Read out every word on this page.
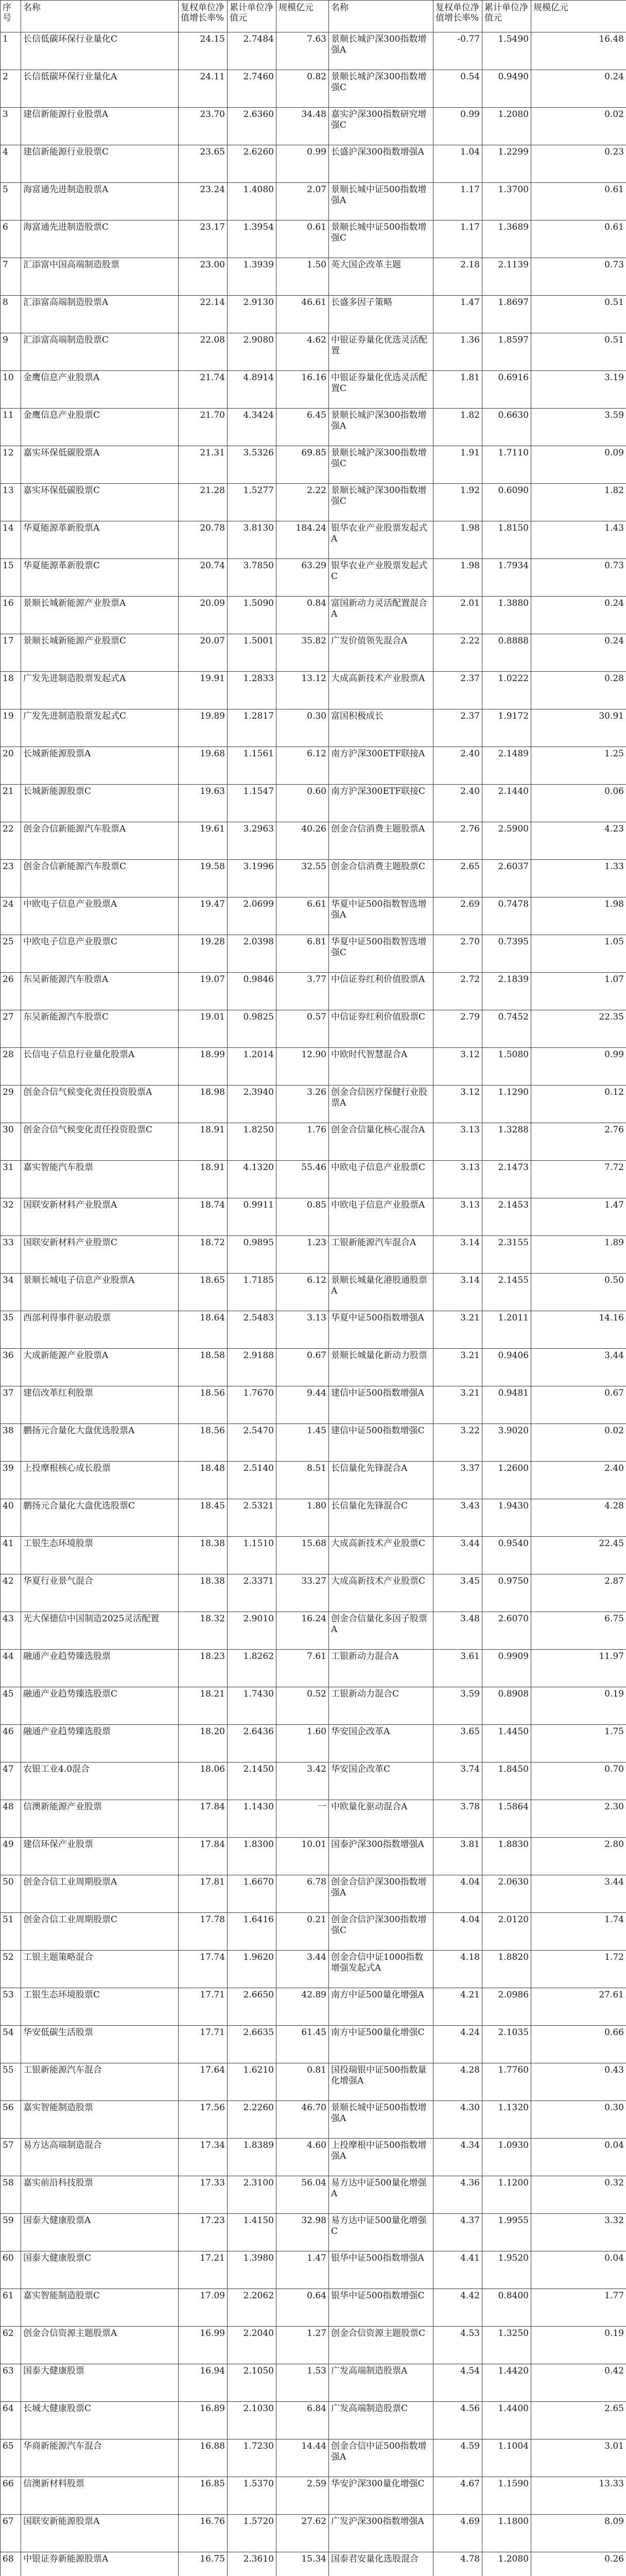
序号	名称	复权单位净值增长率%	累计单位净值元	规模亿元	名称	复权单位净值增长率%	累计单位净值元	规模亿元
1	长信低碳环保行业量化C	24.15	2.7484	7.63	景顺长城沪深300指数增强A	-0.77	1.5490	16.48
2	长信低碳环保行业量化A	24.11	2.7460	0.82	景顺长城沪深300指数增强C	0.54	0.9490	0.24
3	建信新能源行业股票A	23.70	2.6360	34.48	嘉实沪深300指数研究增强C	0.99	1.2080	0.02
4	建信新能源行业股票C	23.65	2.6260	0.99	长盛沪深300指数增强A	1.04	1.2299	0.23
5	海富通先进制造股票A	23.24	1.4080	2.07	景顺长城中证500指数增强A	1.17	1.3700	0.61
6	海富通先进制造股票C	23.17	1.3954	0.61	景顺长城中证500指数增强C	1.17	1.3689	0.61
7	汇添富中国高端制造股票	23.00	1.3939	1.50	英大国企改革主题	2.18	2.1139	0.73
8	汇添富高端制造股票A	22.14	2.9130	46.61	长盛多因子策略	1.47	1.8697	0.51
9	汇添富高端制造股票C	22.08	2.9080	4.62	中银证券量化优选灵活配置	1.36	1.8597	0.51
10	金鹰信息产业股票A	21.74	4.8914	16.16	中银证券量化优选灵活配置C	1.81	0.6916	3.19
11	金鹰信息产业股票C	21.70	4.3424	6.45	景顺长城沪深300指数增强A	1.82	0.6630	3.59
12	嘉实环保低碳股票A	21.31	3.5326	69.85	景顺长城沪深300指数增强C	1.91	1.7110	0.09
13	嘉实环保低碳股票C	21.28	1.5277	2.22	景顺长城沪深300指数增强C	1.92	0.6090	1.82
14	华夏能源革新股票A	20.78	3.8130	184.24	银华农业产业股票发起式A	1.98	1.8150	1.43
15	华夏能源革新股票C	20.74	3.7850	63.29	银华农业产业股票发起式C	1.98	1.7934	0.73
16	景顺长城新能源产业股票A	20.09	1.5090	0.84	富国新动力灵活配置混合A	2.01	1.3880	0.24
17	景顺长城新能源产业股票C	20.07	1.5001	35.82	广发价值领先混合A	2.22	0.8888	0.24
18	广发先进制造股票发起式A	19.91	1.2833	13.12	大成高新技术产业股票A	2.37	1.0222	0.28
19	广发先进制造股票发起式C	19.89	1.2817	0.30	富国积极成长	2.37	1.9172	30.91
20	长城新能源股票A	19.68	1.1561	6.12	南方沪深300ETF联接A	2.40	2.1489	1.25
21	长城新能源股票C	19.63	1.1547	0.60	南方沪深300ETF联接C	2.40	2.1440	0.06
22	创金合信新能源汽车股票A	19.61	3.2963	40.26	创金合信消费主题股票A	2.76	2.5900	4.23
23	创金合信新能源汽车股票C	19.58	3.1996	32.55	创金合信消费主题股票C	2.65	2.6037	1.33
24	中欧电子信息产业股票A	19.47	2.0699	6.61	华夏中证500指数智选增强A	2.69	0.7478	1.98
25	中欧电子信息产业股票C	19.28	2.0398	6.81	华夏中证500指数智选增强C	2.70	0.7395	1.05
26	东吴新能源汽车股票A	19.07	0.9846	3.77	中信证券红利价值股票A	2.72	2.1839	1.07
27	东吴新能源汽车股票C	19.01	0.9825	0.57	中信证券红利价值股票C	2.79	0.7452	22.35
28	长信电子信息行业量化股票A	18.99	1.2014	12.90	中欧时代智慧混合A	3.12	1.5080	0.99
29	创金合信气候变化责任投资股票A	18.98	2.3940	3.26	创金合信医疗保健行业股票A	3.12	1.1290	0.12
30	创金合信气候变化责任投资股票C	18.91	1.8250	1.76	创金合信量化核心混合A	3.13	1.3288	2.76
31	嘉实智能汽车股票	18.91	4.1320	55.46	中欧电子信息产业股票C	3.13	2.1473	7.72
32	国联安新材料产业股票A	18.74	0.9911	0.85	中欧电子信息产业股票A	3.13	2.1453	1.47
33	国联安新材料产业股票C	18.72	0.9895	1.23	工银新能源汽车混合A	3.14	2.3155	1.89
34	景顺长城电子信息产业股票A	18.65	1.7185	6.12	景顺长城量化港股通股票A	3.14	2.1455	0.50
35	西部利得事件驱动股票	18.64	2.5483	3.13	华夏中证500指数增强A	3.21	1.2011	14.16
36	大成新能源产业股票A	18.58	2.9188	0.67	景顺长城量化新动力股票	3.21	0.9406	3.44
37	建信改革红利股票	18.56	1.7670	9.44	建信中证500指数增强A	3.21	0.9481	0.67
38	鹏扬元合量化大盘优选股票A	18.56	2.5470	1.45	建信中证500指数增强C	3.22	3.9020	0.02
39	上投摩根核心成长股票	18.48	2.5140	8.51	长信量化先锋混合A	3.37	1.2600	2.40
40	鹏扬元合量化大盘优选股票C	18.45	2.5321	1.80	长信量化先锋混合C	3.43	1.9430	4.28
41	工银生态环境股票	18.38	1.1510	15.68	大成高新技术产业股票C	3.44	0.9540	22.45
42	华夏行业景气混合	18.38	2.3371	33.27	大成高新技术产业股票C	3.45	0.9750	2.87
43	光大保德信中国制造2025灵活配置	18.32	2.9010	16.24	创金合信量化多因子股票A	3.48	2.6070	6.75
44	融通产业趋势臻选股票	18.23	1.8262	7.61	工银新动力混合A	3.61	0.9909	11.97
45	融通产业趋势臻选股票C	18.21	1.7430	0.52	工银新动力混合C	3.59	0.8908	0.19
46	融通产业趋势臻选股票	18.20	2.6436	1.60	华安国企改革A	3.65	1.4450	1.75
47	农银工业4.0混合	18.06	2.1450	3.42	华安国企改革C	3.74	1.8450	0.70
48	信澳新能源产业股票	17.84	1.1430	一	中欧量化驱动混合A	3.78	1.5864	2.30
49	建信环保产业股票	17.84	1.8300	10.01	国泰沪深300指数增强A	3.81	1.8830	2.80
50	创金合信工业周期股票A	17.81	1.6670	6.78	创金合信沪深300指数增强A	4.04	2.0630	3.44
51	创金合信工业周期股票C	17.78	1.6416	0.21	创金合信沪深300指数增强C	4.04	2.0120	1.74
52	工银主题策略混合	17.74	1.9620	3.44	创金合信中证1000指数增强发起式A	4.18	1.8820	1.72
53	工银生态环境股票C	17.71	2.6650	42.89	南方中证500量化增强A	4.21	2.0986	27.61
54	华安低碳生活股票	17.71	2.6635	61.45	南方中证500量化增强C	4.24	2.1035	0.66
55	工银新能源汽车混合	17.64	1.6210	0.81	国投瑞银中证500指数量化增强A	4.28	1.7760	0.43
56	嘉实智能制造股票	17.56	2.2260	46.70	景顺长城中证500指数增强A	4.30	1.1320	0.30
57	易方达高端制造混合	17.34	1.8389	4.60	上投摩根中证500指数增强A	4.34	1.0930	0.04
58	嘉实前沿科技股票	17.33	2.3100	56.04	易方达中证500量化增强A	4.36	1.1200	0.32
59	国泰大健康股票A	17.23	1.4150	32.98	易方达中证500量化增强C	4.37	1.9955	3.32
60	国泰大健康股票C	17.21	1.3980	1.47	银华中证500指数增强A	4.41	1.9520	0.04
61	嘉实智能制造股票C	17.09	2.2062	0.64	银华中证500指数增强C	4.42	0.8400	1.77
62	创金合信资源主题股票A	16.99	2.2040	1.27	创金合信资源主题股票C	4.53	1.3250	0.19
63	国泰大健康股票	16.94	2.1050	1.53	广发高端制造股票A	4.54	1.4420	0.42
64	长城大健康股票C	16.89	2.1030	6.84	广发高端制造股票C	4.56	1.4400	2.65
65	华商新能源汽车混合	16.88	1.7230	14.44	创金合信中证500指数增强A	4.59	1.1004	3.01
66	信澳新材料股票	16.85	1.5370	2.59	华安沪深300量化增强C	4.67	1.1590	13.33
67	国联安新能源股票A	16.76	1.5720	27.62	广发沪深300指数增强A	4.69	1.1800	8.09
68	中银证券新能源股票A	16.75	2.3610	15.34	国泰君安量化选股混合	4.78	1.2080	0.26
